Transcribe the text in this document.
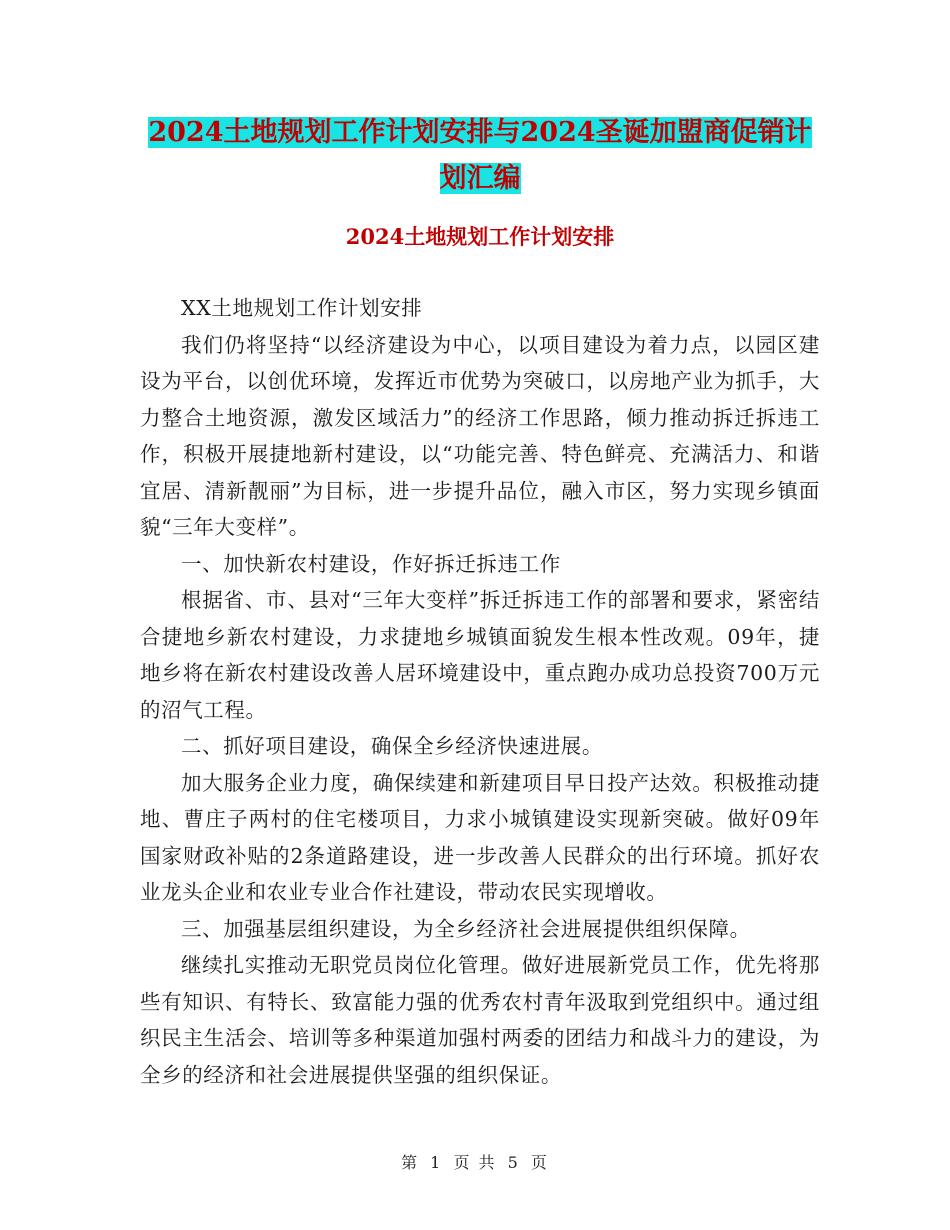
2024土地规划工作计划安排与2024圣诞加盟商促销计
划汇编
2024土地规划工作计划安排

XX土地规划工作计划安排

我们仍将坚持“以经济建设为中心，以项目建设为着力点，以园区建设为平台，以创优环境，发挥近市优势为突破口，以房地产业为抓手，大力整合土地资源，激发区域活力”的经济工作思路，倾力推动拆迁拆违工作，积极开展捷地新村建设，以“功能完善、特色鲜亮、充满活力、和谐宜居、清新靓丽”为目标，进一步提升品位，融入市区，努力实现乡镇面貌“三年大变样”。

一、加快新农村建设，作好拆迁拆违工作

根据省、市、县对“三年大变样”拆迁拆违工作的部署和要求，紧密结合捷地乡新农村建设，力求捷地乡城镇面貌发生根本性改观。09年，捷地乡将在新农村建设改善人居环境建设中，重点跑办成功总投资700万元的沼气工程。

二、抓好项目建设，确保全乡经济快速进展。

加大服务企业力度，确保续建和新建项目早日投产达效。积极推动捷地、曹庄子两村的住宅楼项目，力求小城镇建设实现新突破。做好09年国家财政补贴的2条道路建设，进一步改善人民群众的出行环境。抓好农业龙头企业和农业专业合作社建设，带动农民实现增收。

三、加强基层组织建设，为全乡经济社会进展提供组织保障。

继续扎实推动无职党员岗位化管理。做好进展新党员工作，优先将那些有知识、有特长、致富能力强的优秀农村青年汲取到党组织中。通过组织民主生活会、培训等多种渠道加强村两委的团结力和战斗力的建设，为全乡的经济和社会进展提供坚强的组织保证。

第 1 页 共 5 页
